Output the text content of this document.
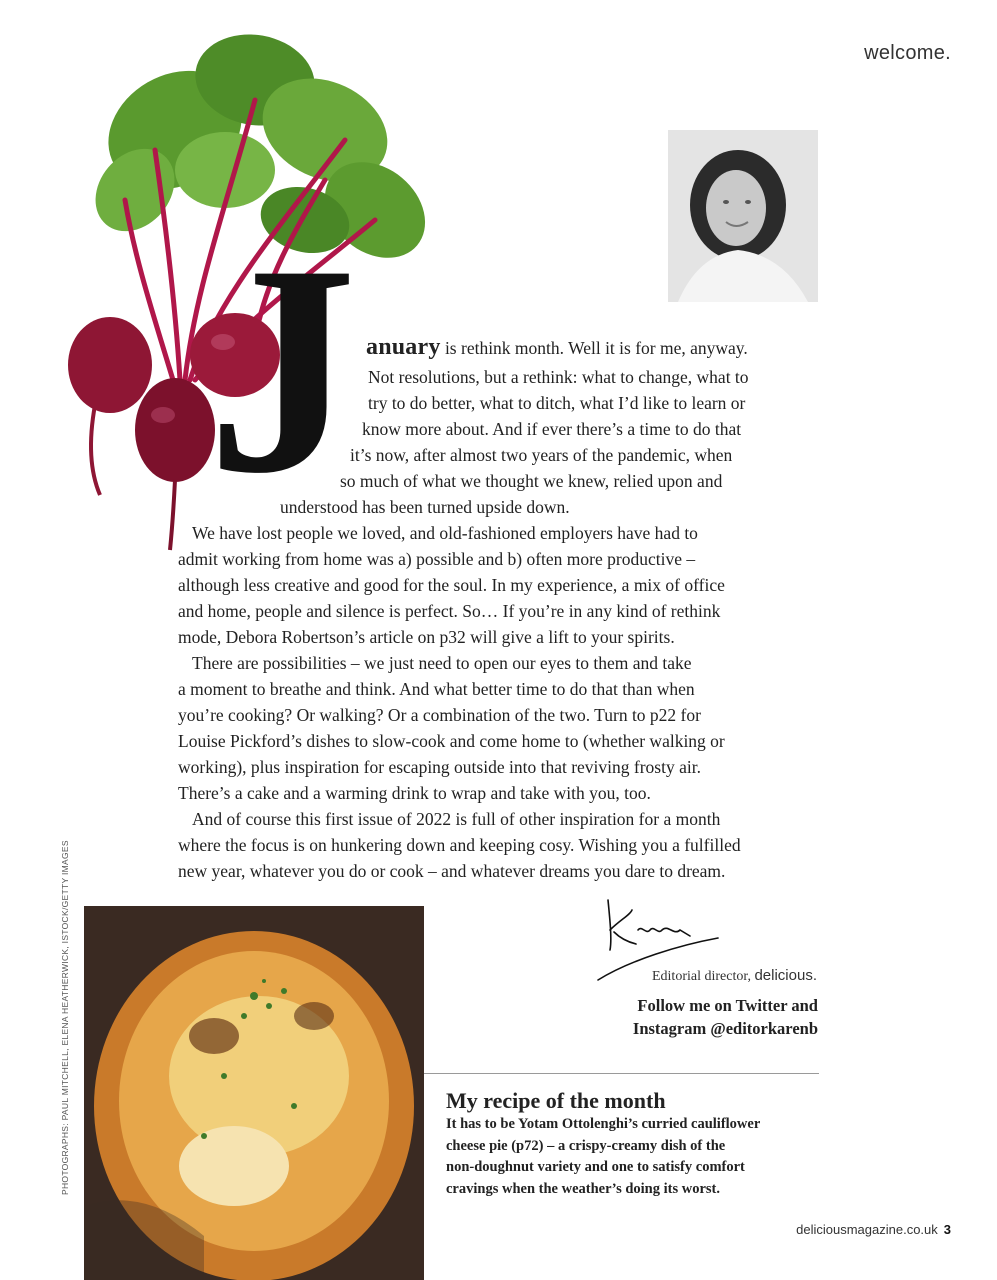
welcome.
J anuary is rethink month. Well it is for me, anyway.
Not resolutions, but a rethink: what to change, what to
try to do better, what to ditch, what I’d like to learn or
know more about. And if ever there’s a time to do that
it’s now, after almost two years of the pandemic, when
so much of what we thought we knew, relied upon and
understood has been turned upside down.

We have lost people we loved, and old-fashioned employers have had to

admit working from home was a) possible and b) often more productive –

although less creative and good for the soul. In my experience, a mix of office

and home, people and silence is perfect. So… If you’re in any kind of rethink

mode, Debora Robertson’s article on p32 will give a lift to your spirits.

There are possibilities – we just need to open our eyes to them and take

a moment to breathe and think. And what better time to do that than when

you’re cooking? Or walking? Or a combination of the two. Turn to p22 for

Louise Pickford’s dishes to slow-cook and come home to (whether walking or

working), plus inspiration for escaping outside into that reviving frosty air.

There’s a cake and a warming drink to wrap and take with you, too.

And of course this first issue of 2022 is full of other inspiration for a month

where the focus is on hunkering down and keeping cosy. Wishing you a fulfilled

new year, whatever you do or cook – and whatever dreams you dare to dream.

PHOTOGRAPHS: PAUL MITCHELL, ELENA HEATHERWICK, ISTOCK/GETTY IMAGES	Karen
Editorial director, delicious.
Follow me on Twitter and
Instagram @editorkarenb
My recipe of the month
It has to be Yotam Ottolenghi’s curried cauliflower
cheese pie (p72) – a crispy-creamy dish of the
non-doughnut variety and one to satisfy comfort
cravings when the weather’s doing its worst.
deliciousmagazine.co.uk 3
